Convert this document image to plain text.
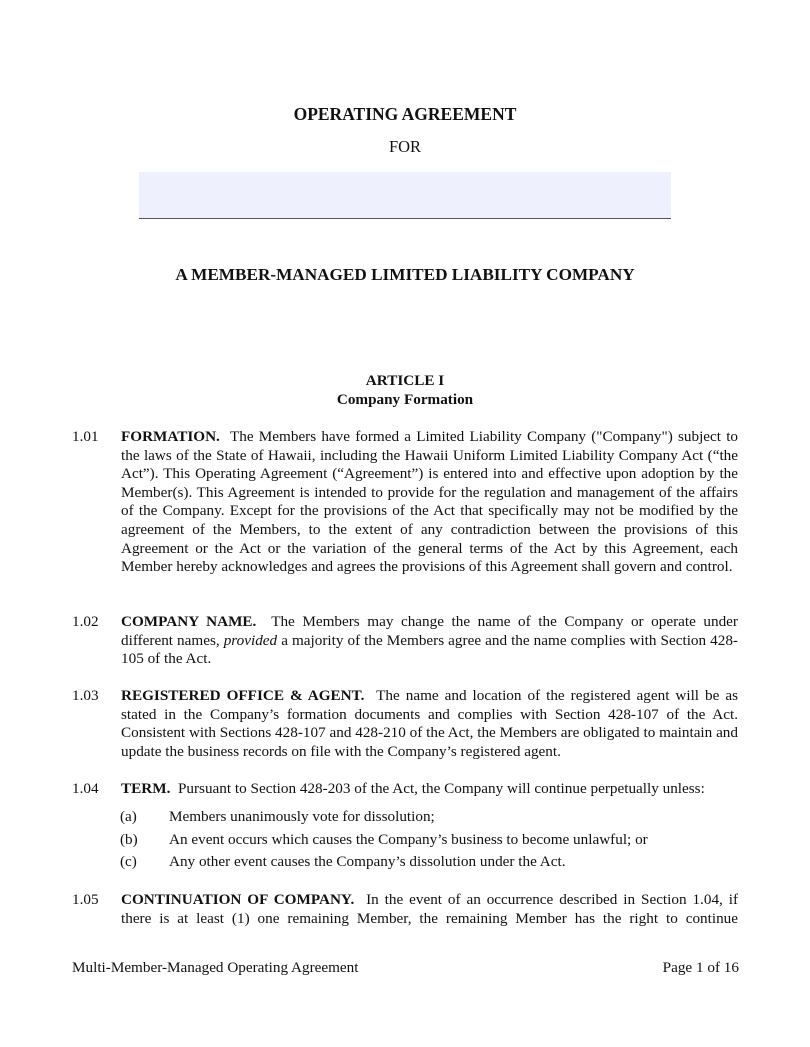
OPERATING AGREEMENT
FOR
A MEMBER-MANAGED LIMITED LIABILITY COMPANY
ARTICLE I
Company Formation
1.01 FORMATION. The Members have formed a Limited Liability Company ("Company") subject to the laws of the State of Hawaii, including the Hawaii Uniform Limited Liability Company Act (“the Act”). This Operating Agreement (“Agreement”) is entered into and effective upon adoption by the Member(s). This Agreement is intended to provide for the regulation and management of the affairs of the Company. Except for the provisions of the Act that specifically may not be modified by the agreement of the Members, to the extent of any contradiction between the provisions of this Agreement or the Act or the variation of the general terms of the Act by this Agreement, each Member hereby acknowledges and agrees the provisions of this Agreement shall govern and control.
1.02 COMPANY NAME. The Members may change the name of the Company or operate under different names, provided a majority of the Members agree and the name complies with Section 428-105 of the Act.
1.03 REGISTERED OFFICE & AGENT. The name and location of the registered agent will be as stated in the Company’s formation documents and complies with Section 428-107 of the Act. Consistent with Sections 428-107 and 428-210 of the Act, the Members are obligated to maintain and update the business records on file with the Company’s registered agent.
1.04 TERM. Pursuant to Section 428-203 of the Act, the Company will continue perpetually unless:
(a) Members unanimously vote for dissolution;
(b) An event occurs which causes the Company’s business to become unlawful; or
(c) Any other event causes the Company’s dissolution under the Act.
1.05 CONTINUATION OF COMPANY. In the event of an occurrence described in Section 1.04, if there is at least (1) one remaining Member, the remaining Member has the right to continue
Multi-Member-Managed Operating Agreement	Page 1 of 16
